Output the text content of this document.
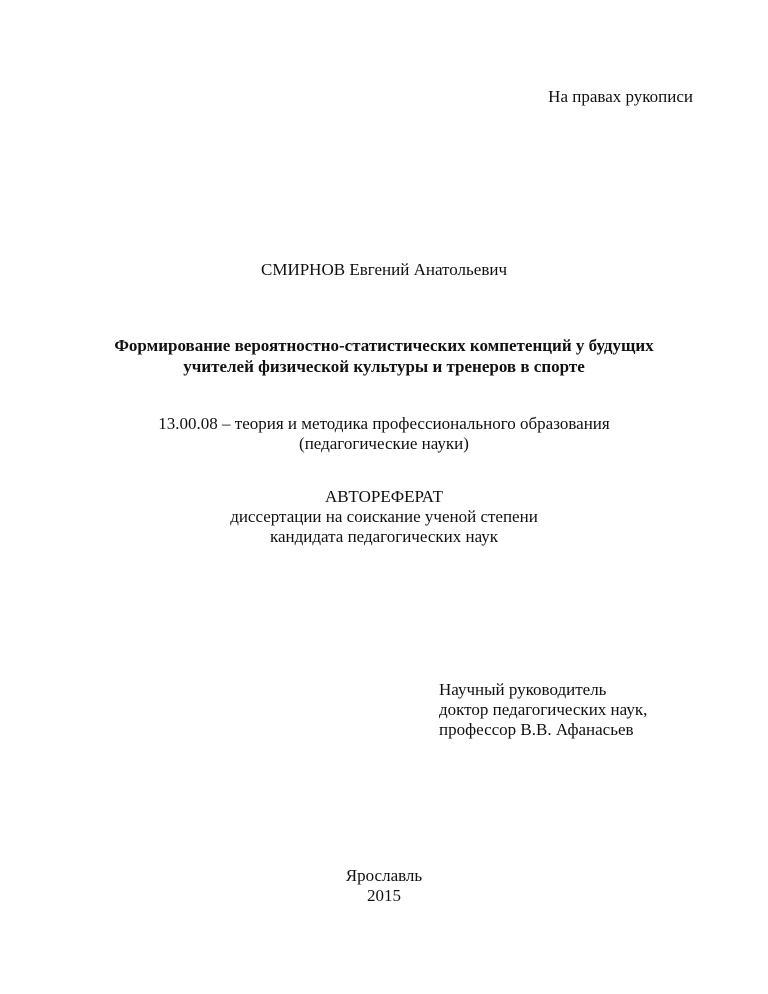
На правах рукописи
СМИРНОВ Евгений Анатольевич
Формирование вероятностно-статистических компетенций у будущих
учителей физической культуры и тренеров в спорте
13.00.08 – теория и методика профессионального образования
(педагогические науки)
АВТОРЕФЕРАТ
диссертации на соискание ученой степени
кандидата педагогических наук
Научный руководитель
доктор педагогических наук,
профессор В.В. Афанасьев
Ярославль
2015
